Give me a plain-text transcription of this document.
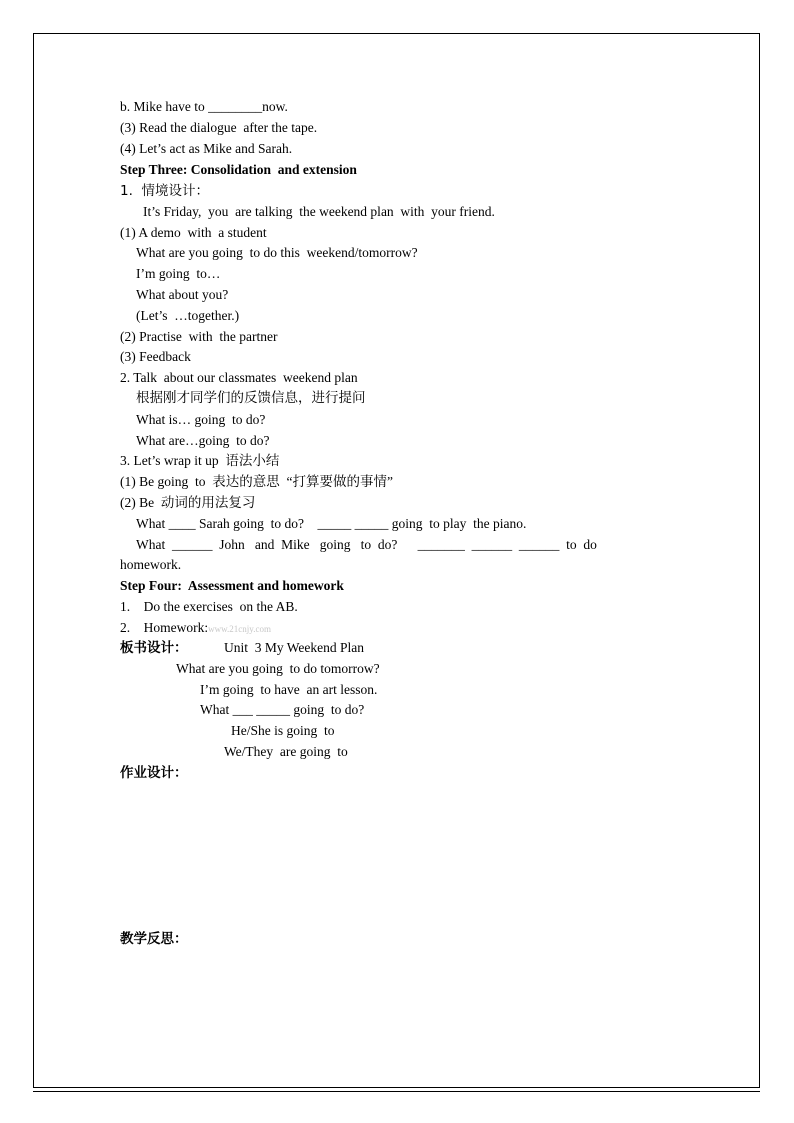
b. Mike have to ________now.
(3) Read the dialogue  after the tape.
(4) Let’s act as Mike and Sarah.
Step Three: Consolidation  and extension
1.  情境设计：
It’s Friday,  you  are talking  the weekend plan  with  your friend.
(1) A demo  with  a student
What are you going  to do this  weekend/tomorrow?
I’m going  to…
What about you?
(Let’s  …together.)
(2) Practise  with  the partner
(3) Feedback
2. Talk  about our classmates  weekend plan
根据刚才同学们的反馈信息，进行提问
What is… going  to do?
What are…going  to do?
3. Let’s wrap it up  语法小结
(1) Be going  to  表达的意思  “打算要做的事情”
(2) Be  动词的用法复习
What ____ Sarah going  to do?    _____ _____ going  to play  the piano.
What  ______  John   and  Mike   going   to  do?      _______  ______  ______  to  do
homework.
Step Four:  Assessment and homework
1.    Do the exercises  on the AB.
2.    Homework:www.21cnjy.com
板书设计：	Unit  3 My Weekend Plan
What are you going  to do tomorrow?
I’m going  to have  an art lesson.
What ___ _____ going  to do?
He/She is going  to
We/They  are going  to
作业设计：
教学反思：
